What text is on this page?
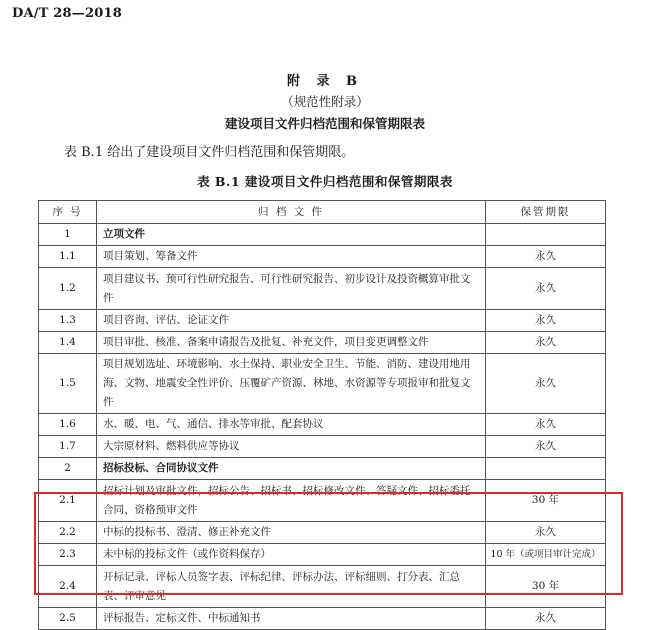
DA/T 28—2018
附 录 B
（规范性附录）
建设项目文件归档范围和保管期限表
表 B.1 给出了建设项目文件归档范围和保管期限。
表 B.1 建设项目文件归档范围和保管期限表
序 号	归 档 文 件	保管期限
1	立项文件	
1.1	项目策划、筹备文件	永久
1.2	项目建议书、预可行性研究报告、可行性研究报告、初步设计及投资概算审批文件	永久
1.3	项目咨询、评估、论证文件	永久
1.4	项目审批、核准、备案申请报告及批复、补充文件，项目变更调整文件	永久
1.5	项目规划选址、环境影响、水土保持、职业安全卫生、节能、消防、建设用地用海、文物、地震安全性评价、压覆矿产资源、林地、水资源等专项报审和批复文件	永久
1.6	水、暖、电、气、通信、排水等审批、配套协议	永久
1.7	大宗原材料、燃料供应等协议	永久
2	招标投标、合同协议文件	
2.1	招标计划及审批文件，招标公告、招标书、招标修改文件、答疑文件、招标委托合同、资格预审文件	30 年
2.2	中标的投标书、澄清、修正补充文件	永久
2.3	未中标的投标文件（或作资料保存）	10 年（或项目审计完成）
2.4	开标记录、评标人员签字表、评标纪律、评标办法、评标细则、打分表、汇总表、评审意见	30 年
2.5	评标报告、定标文件、中标通知书	永久
